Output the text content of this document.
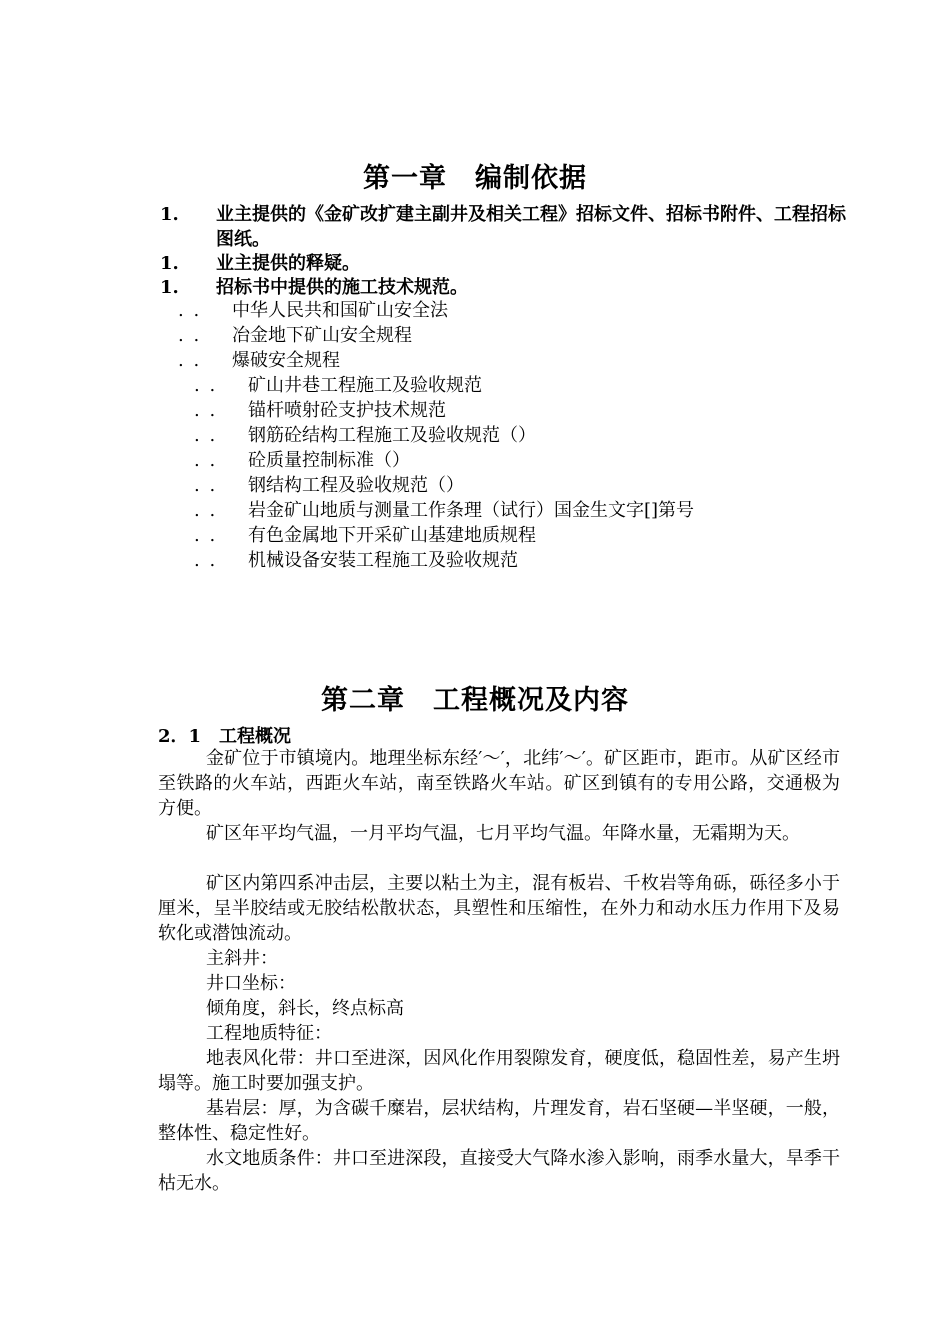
第一章　编制依据
1.	业主提供的《金矿改扩建主副井及相关工程》招标文件、招标书附件、工程招标图纸。
1.	业主提供的释疑。
1.	招标书中提供的施工技术规范。
. . 中华人民共和国矿山安全法
. . 冶金地下矿山安全规程
. . 爆破安全规程
. . 矿山井巷工程施工及验收规范
. . 锚杆喷射砼支护技术规范
. . 钢筋砼结构工程施工及验收规范（）
. . 砼质量控制标准（）
. . 钢结构工程及验收规范（）
. . 岩金矿山地质与测量工作条理（试行）国金生文字[]第号
. . 有色金属地下开采矿山基建地质规程
. . 机械设备安装工程施工及验收规范
第二章　工程概况及内容
2．1　工程概况

金矿位于市镇境内。地理坐标东经′～′，北纬′～′。矿区距市，距市。从矿区经市至铁路的火车站，西距火车站，南至铁路火车站。矿区到镇有的专用公路，交通极为方便。

矿区年平均气温，一月平均气温，七月平均气温。年降水量，无霜期为天。

矿区内第四系冲击层，主要以粘土为主，混有板岩、千枚岩等角砾，砾径多小于厘米，呈半胶结或无胶结松散状态，具塑性和压缩性，在外力和动水压力作用下及易软化或潜蚀流动。

主斜井：
井口坐标：
倾角度，斜长，终点标高
工程地质特征：

地表风化带：井口至进深，因风化作用裂隙发育，硬度低，稳固性差，易产生坍塌等。施工时要加强支护。

基岩层：厚，为含碳千糜岩，层状结构，片理发育，岩石坚硬—半坚硬，一般，整体性、稳定性好。

水文地质条件：井口至进深段，直接受大气降水渗入影响，雨季水量大，旱季干枯无水。
